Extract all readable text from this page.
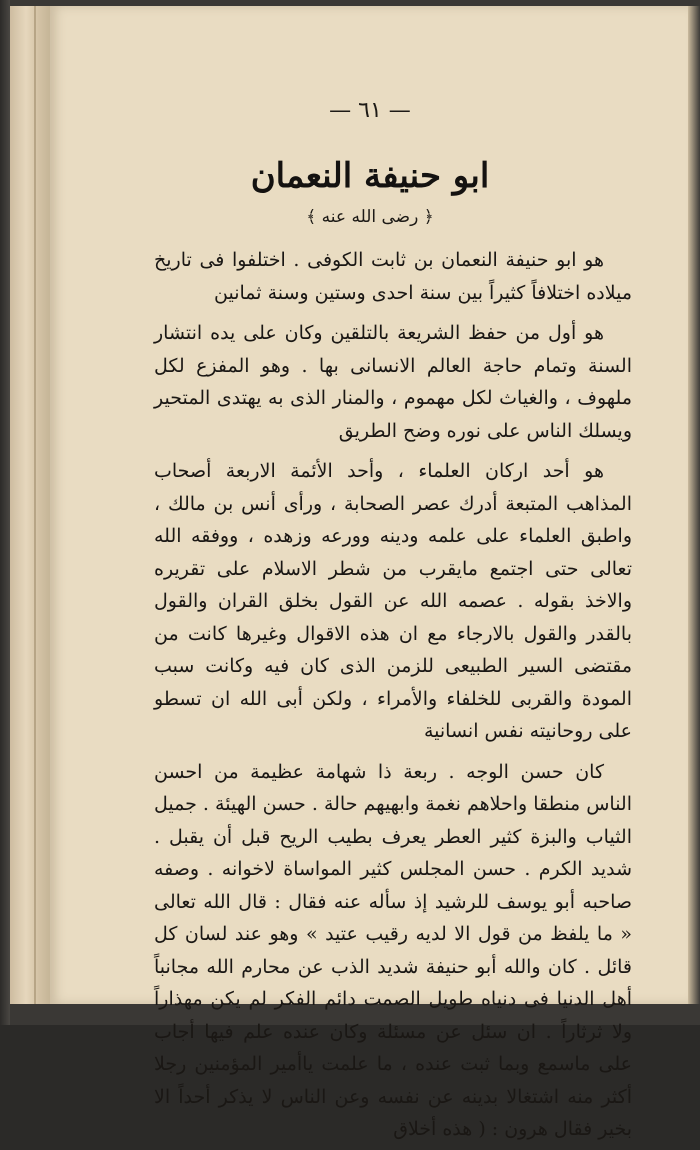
— ٦١ —
ابو حنيفة النعمان
﴿ رضى الله عنه ﴾

هو ابو حنيفة النعمان بن ثابت الكوفى . اختلفوا فى تاريخ ميلاده اختلافاً كثيراً بين سنة احدى وستين وسنة ثمانين

هو أول من حفظ الشريعة بالتلقين وكان على يده انتشار السنة وتمام حاجة العالم الانسانى بها . وهو المفزع لكل ملهوف ، والغياث لكل مهموم ، والمنار الذى به يهتدى المتحير ويسلك الناس على نوره وضح الطريق

هو أحد اركان العلماء ، وأحد الأئمة الاربعة أصحاب المذاهب المتبعة أدرك عصر الصحابة ، ورأى أنس بن مالك ، واطبق العلماء على علمه ودينه وورعه وزهده ، ووفقه الله تعالى حتى اجتمع مايقرب من شطر الاسلام على تقريره والاخذ بقوله . عصمه الله عن القول بخلق القران والقول بالقدر والقول بالارجاء مع ان هذه الاقوال وغيرها كانت من مقتضى السير الطبيعى للزمن الذى كان فيه وكانت سبب المودة والقربى للخلفاء والأمراء ، ولكن أبى الله ان تسطو على روحانيته نفس انسانية

كان حسن الوجه . ربعة ذا شهامة عظيمة من احسن الناس منطقا واحلاهم نغمة وابهيهم حالة . حسن الهيئة . جميل الثياب والبزة كثير العطر يعرف بطيب الريح قبل أن يقبل . شديد الكرم . حسن المجلس كثير المواساة لاخوانه . وصفه صاحبه أبو يوسف للرشيد إذ سأله عنه فقال : قال الله تعالى « ما يلفظ من قول الا لديه رقيب عتيد » وهو عند لسان كل قائل . كان والله أبو حنيفة شديد الذب عن محارم الله مجانباً أهل الدنيا فى دنياه طويل الصمت دائم الفكر لم يكن مهذاراً ولا ثرثاراً . ان سئل عن مسئلة وكان عنده علم فيها أجاب على ماسمع وبما ثبت عنده ، ما علمت ياأمير المؤمنين رجلا أكثر منه اشتغالا بدينه عن نفسه وعن الناس لا يذكر أحداً الا بخير فقال هرون : ( هذه أخلاق
